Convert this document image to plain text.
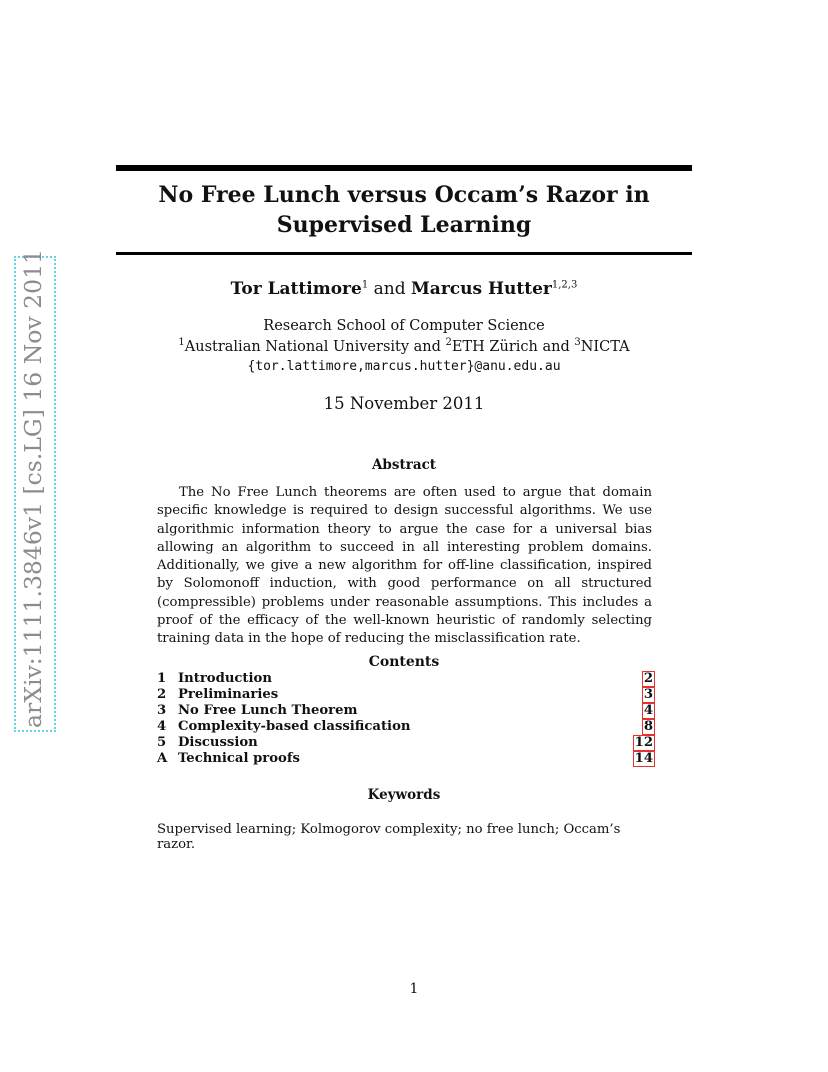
arXiv:1111.3846v1 [cs.LG] 16 Nov 2011
No Free Lunch versus Occam’s Razor in
Supervised Learning
Tor Lattimore$^1$ and Marcus Hutter$^{1,2,3}$
Research School of Computer Science
$^1$Australian National University and $^2$ETH Zürich and $^3$NICTA
{tor.lattimore,marcus.hutter}@anu.edu.au
15 November 2011
Abstract
The No Free Lunch theorems are often used to argue that domain specific knowledge is required to design successful algorithms. We use algorithmic information theory to argue the case for a universal bias allowing an algorithm to succeed in all interesting problem domains. Additionally, we give a new algorithm for off-line classification, inspired by Solomonoff induction, with good performance on all structured (compressible) problems under reasonable assumptions. This includes a proof of the efficacy of the well-known heuristic of randomly selecting training data in the hope of reducing the misclassification rate.
Contents
1 Introduction	2
2 Preliminaries	3
3 No Free Lunch Theorem	4
4 Complexity-based classification	8
5 Discussion	12
A Technical proofs	14
Keywords
Supervised learning; Kolmogorov complexity; no free lunch; Occam’s razor.
1
